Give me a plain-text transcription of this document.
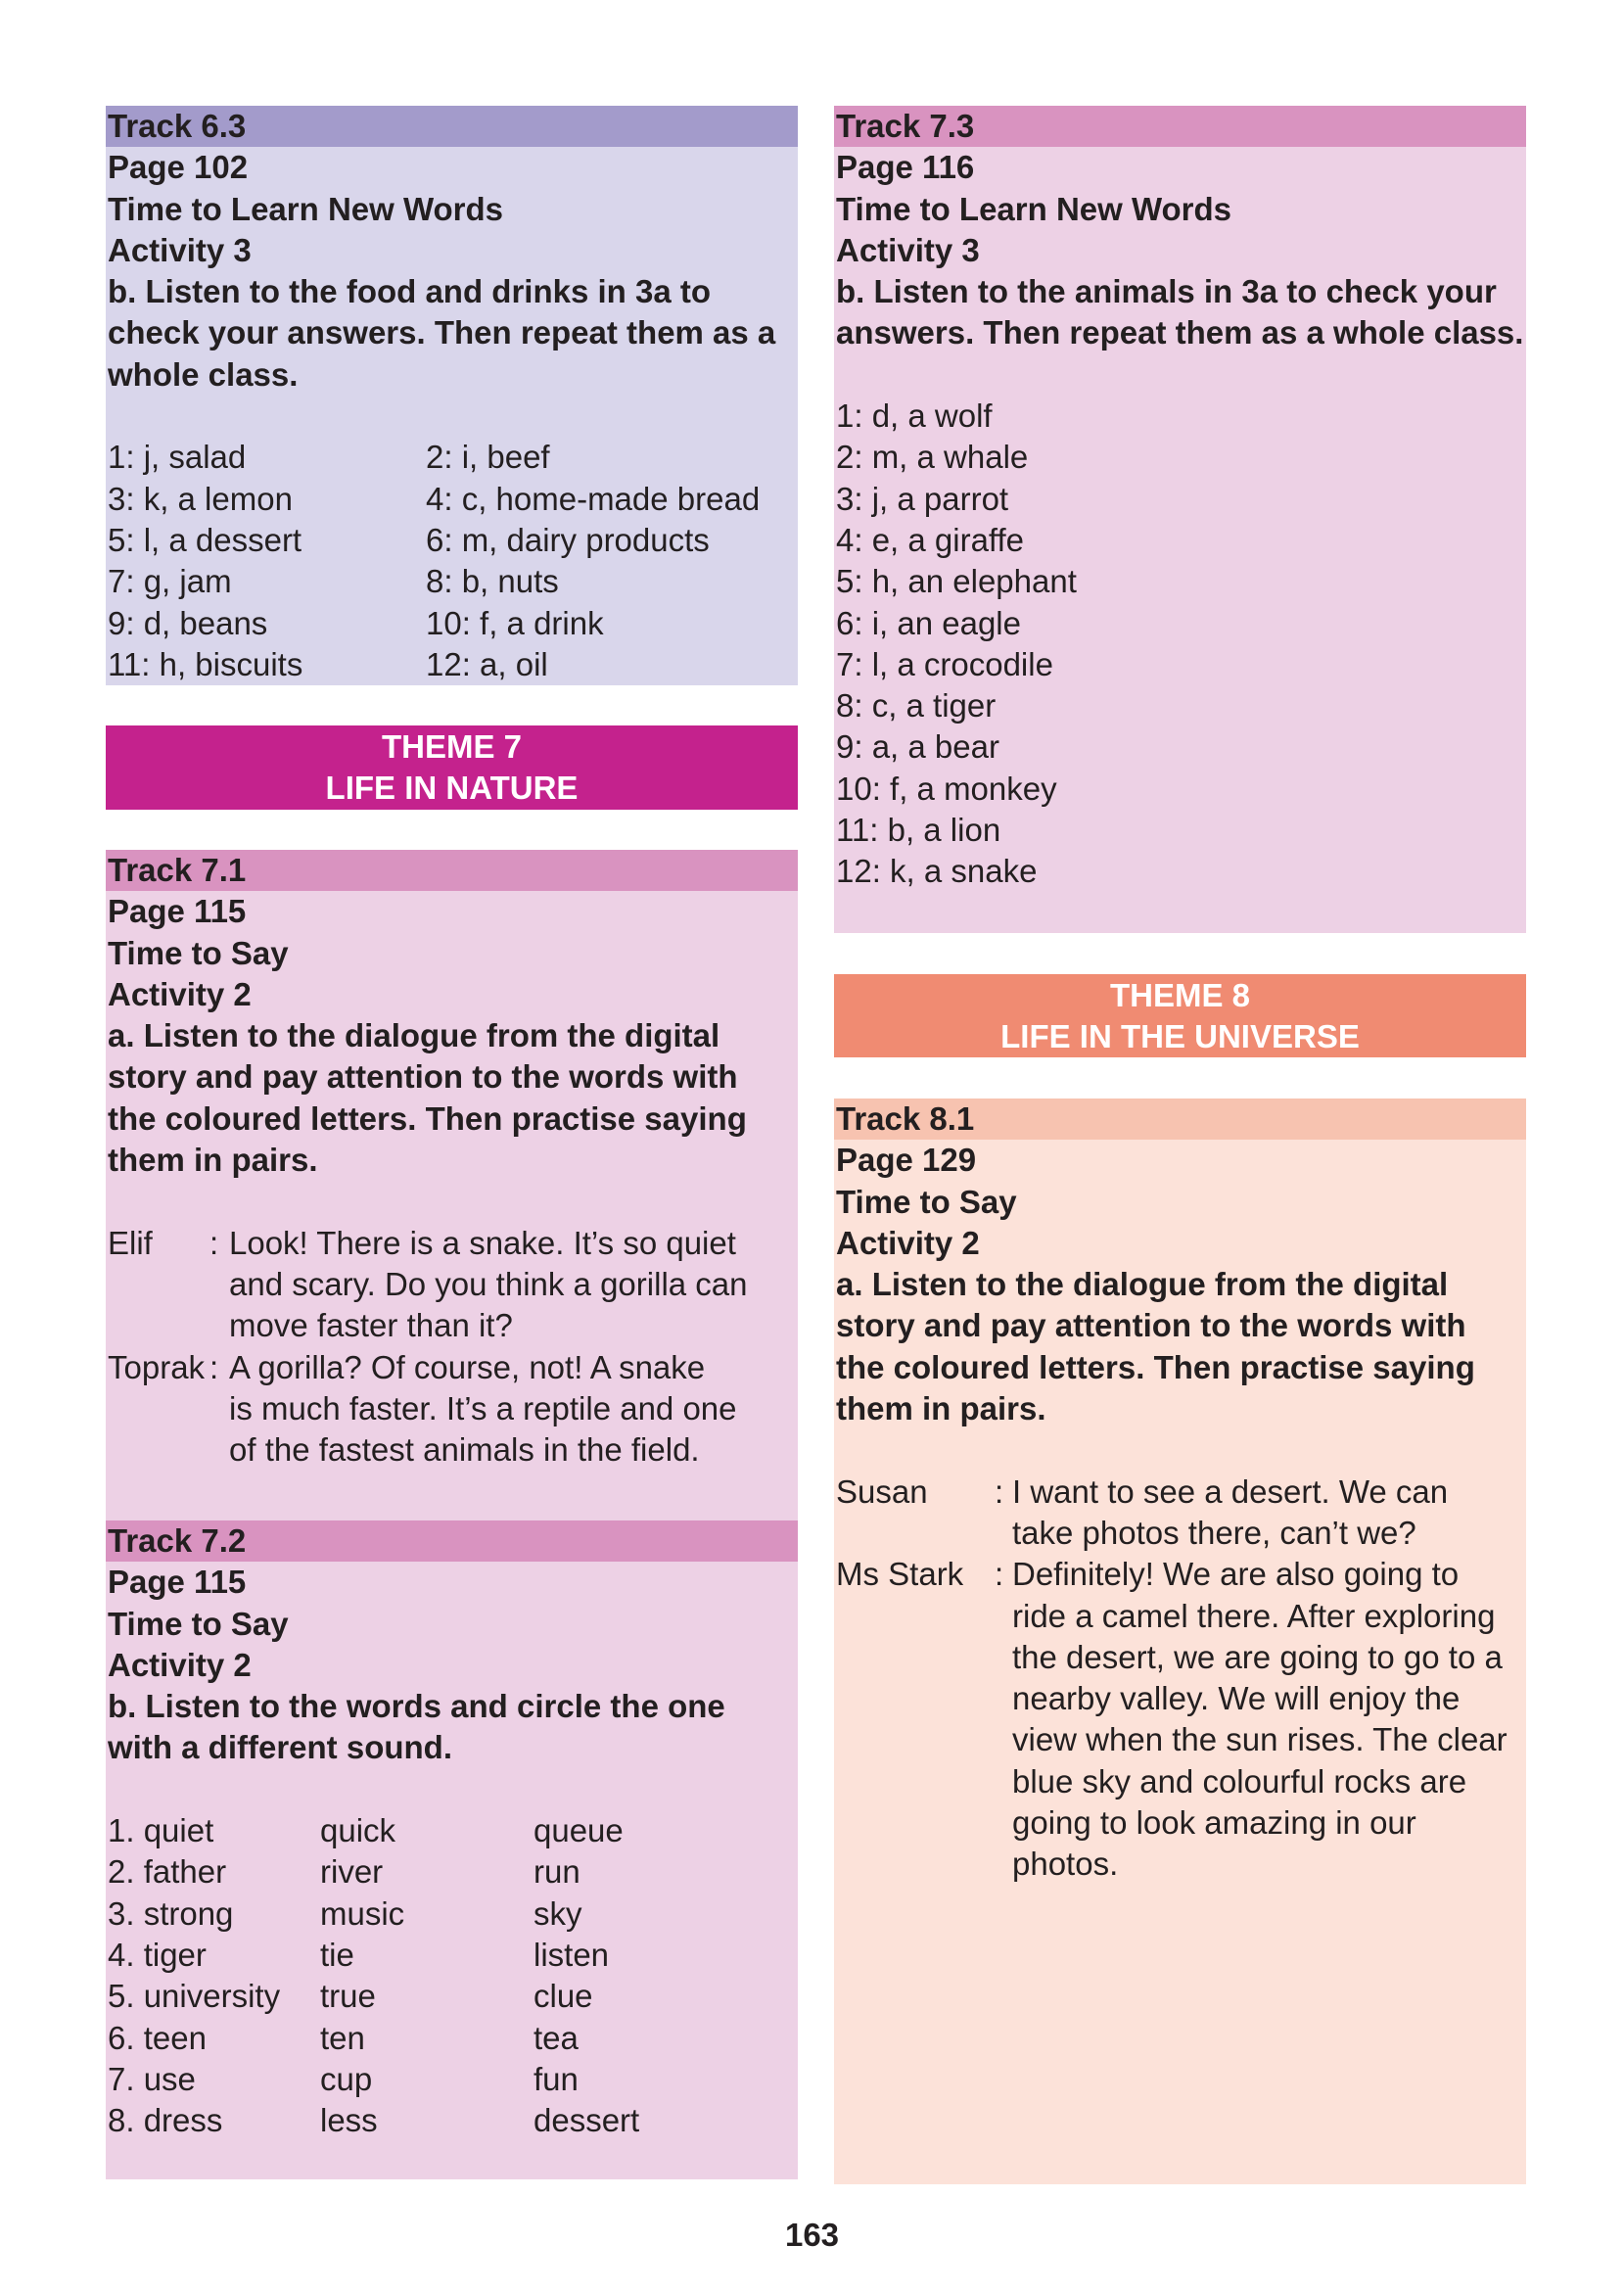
Track 6.3
Page 102
Time to Learn New Words
Activity 3
b. Listen to the food and drinks in 3a to
check your answers. Then repeat them as a
whole class.
1: j, salad	2: i, beef
3: k, a lemon	4: c, home-made bread
5: l, a dessert	6: m, dairy products
7: g, jam	8: b, nuts
9: d, beans	10: f, a drink
11: h, biscuits	12: a, oil
THEME 7
LIFE IN NATURE
Track 7.1
Page 115
Time to Say
Activity 2
a. Listen to the dialogue from the digital
story and pay attention to the words with
the coloured letters. Then practise saying
them in pairs.
Elif	: Look! There is a snake. It’s so quiet
and scary. Do you think a gorilla can
move faster than it?
Toprak : A gorilla? Of course, not! A snake
is much faster. It’s a reptile and one
of the fastest animals in the field.
Track 7.2
Page 115
Time to Say
Activity 2
b. Listen to the words and circle the one
with a different sound.
1. quiet	quick	queue
2. father	river	run
3. strong	music	sky
4. tiger	tie	listen
5. university	true	clue
6. teen	ten	tea
7. use	cup	fun
8. dress	less	dessert
Track 7.3
Page 116
Time to Learn New Words
Activity 3
b. Listen to the animals in 3a to check your
answers. Then repeat them as a whole class.
1: d, a wolf
2: m, a whale
3: j, a parrot
4: e, a giraffe
5: h, an elephant
6: i, an eagle
7: l, a crocodile
8: c, a tiger
9: a, a bear
10: f, a monkey
11: b, a lion
12: k, a snake
THEME 8
LIFE IN THE UNIVERSE
Track 8.1
Page 129
Time to Say
Activity 2
a. Listen to the dialogue from the digital
story and pay attention to the words with
the coloured letters. Then practise saying
them in pairs.
Susan	: I want to see a desert. We can
take photos there, can’t we?
Ms Stark : Definitely! We are also going to
ride a camel there. After exploring
the desert, we are going to go to a
nearby valley. We will enjoy the
view when the sun rises. The clear
blue sky and colourful rocks are
going to look amazing in our
photos.
163
